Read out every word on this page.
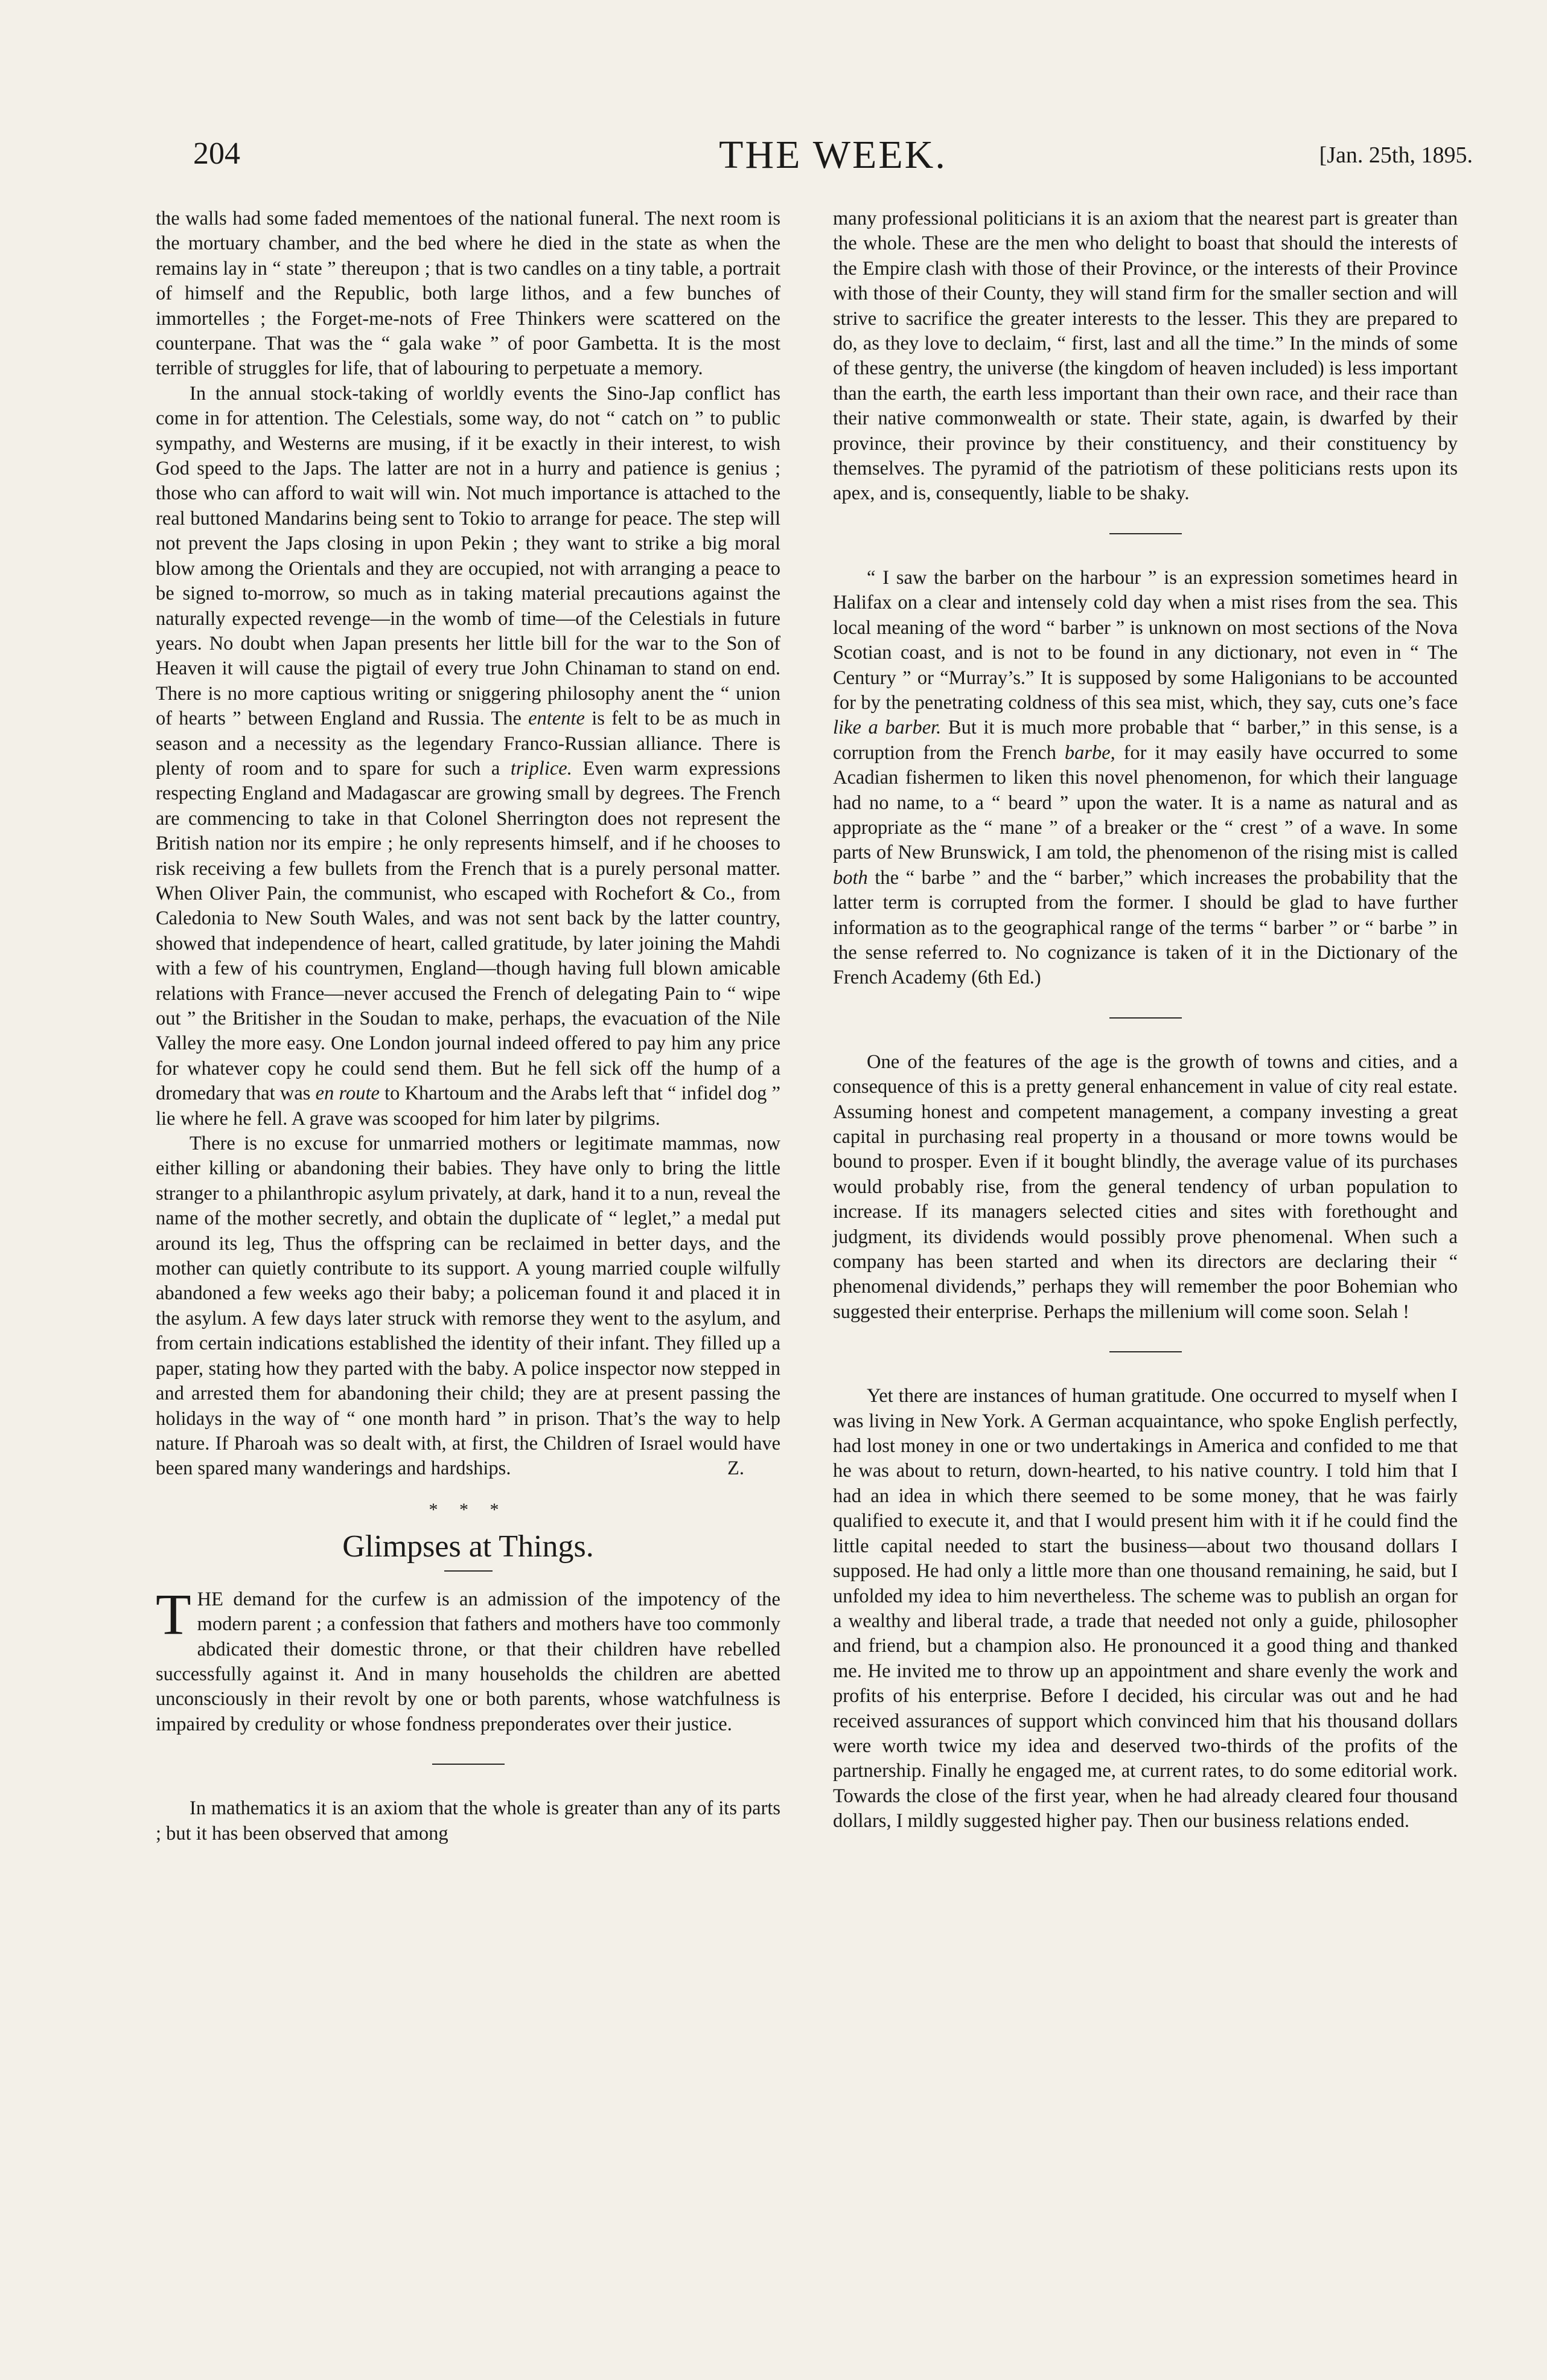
204	THE WEEK.	[Jan. 25th, 1895.

the walls had some faded mementoes of the national funeral. The next room is the mortuary chamber, and the bed where he died in the state as when the remains lay in “ state ” thereupon ; that is two candles on a tiny table, a portrait of himself and the Republic, both large lithos, and a few bunches of immortelles ; the Forget-me-nots of Free Thinkers were scattered on the counterpane. That was the “ gala wake ” of poor Gambetta. It is the most terrible of struggles for life, that of labouring to perpetuate a memory.

In the annual stock-taking of worldly events the Sino-Jap conflict has come in for attention. The Celestials, some way, do not “ catch on ” to public sympathy, and Westerns are musing, if it be exactly in their interest, to wish God speed to the Japs. The latter are not in a hurry and patience is genius ; those who can afford to wait will win. Not much importance is attached to the real buttoned Mandarins being sent to Tokio to arrange for peace. The step will not prevent the Japs closing in upon Pekin ; they want to strike a big moral blow among the Orientals and they are occupied, not with arranging a peace to be signed to-morrow, so much as in taking material precautions against the naturally expected revenge—in the womb of time—of the Celestials in future years. No doubt when Japan presents her little bill for the war to the Son of Heaven it will cause the pigtail of every true John Chinaman to stand on end. There is no more captious writing or sniggering philosophy anent the “ union of hearts ” between England and Russia. The entente is felt to be as much in season and a necessity as the legendary Franco-Russian alliance. There is plenty of room and to spare for such a triplice. Even warm expressions respecting England and Madagascar are growing small by degrees. The French are commencing to take in that Colonel Sherrington does not represent the British nation nor its empire ; he only represents himself, and if he chooses to risk receiving a few bullets from the French that is a purely personal matter. When Oliver Pain, the communist, who escaped with Rochefort & Co., from Caledonia to New South Wales, and was not sent back by the latter country, showed that independence of heart, called gratitude, by later joining the Mahdi with a few of his countrymen, England—though having full blown amicable relations with France—never accused the French of delegating Pain to “ wipe out ” the Britisher in the Soudan to make, perhaps, the evacuation of the Nile Valley the more easy. One London journal indeed offered to pay him any price for whatever copy he could send them. But he fell sick off the hump of a dromedary that was en route to Khartoum and the Arabs left that “ infidel dog ” lie where he fell. A grave was scooped for him later by pilgrims.

There is no excuse for unmarried mothers or legitimate mammas, now either killing or abandoning their babies. They have only to bring the little stranger to a philanthropic asylum privately, at dark, hand it to a nun, reveal the name of the mother secretly, and obtain the duplicate of “ leglet,” a medal put around its leg, Thus the offspring can be reclaimed in better days, and the mother can quietly contribute to its support. A young married couple wilfully abandoned a few weeks ago their baby; a policeman found it and placed it in the asylum. A few days later struck with remorse they went to the asylum, and from certain indications established the identity of their infant. They filled up a paper, stating how they parted with the baby. A police inspector now stepped in and arrested them for abandoning their child; they are at present passing the holidays in the way of “ one month hard ” in prison. That’s the way to help nature. If Pharoah was so dealt with, at first, the Children of Israel would have been spared many wanderings and hardships.	Z.

* * *
Glimpses at Things.

THE demand for the curfew is an admission of the impotency of the modern parent ; a confession that fathers and mothers have too commonly abdicated their domestic throne, or that their children have rebelled successfully against it. And in many households the children are abetted unconsciously in their revolt by one or both parents, whose watchfulness is impaired by credulity or whose fondness preponderates over their justice.

In mathematics it is an axiom that the whole is greater than any of its parts ; but it has been observed that among

many professional politicians it is an axiom that the nearest part is greater than the whole. These are the men who delight to boast that should the interests of the Empire clash with those of their Province, or the interests of their Province with those of their County, they will stand firm for the smaller section and will strive to sacrifice the greater interests to the lesser. This they are prepared to do, as they love to declaim, “ first, last and all the time.” In the minds of some of these gentry, the universe (the kingdom of heaven included) is less important than the earth, the earth less important than their own race, and their race than their native commonwealth or state. Their state, again, is dwarfed by their province, their province by their constituency, and their constituency by themselves. The pyramid of the patriotism of these politicians rests upon its apex, and is, consequently, liable to be shaky.

“ I saw the barber on the harbour ” is an expression sometimes heard in Halifax on a clear and intensely cold day when a mist rises from the sea. This local meaning of the word “ barber ” is unknown on most sections of the Nova Scotian coast, and is not to be found in any dictionary, not even in “ The Century ” or “Murray’s.” It is supposed by some Haligonians to be accounted for by the penetrating coldness of this sea mist, which, they say, cuts one’s face like a barber. But it is much more probable that “ barber,” in this sense, is a corruption from the French barbe, for it may easily have occurred to some Acadian fishermen to liken this novel phenomenon, for which their language had no name, to a “ beard ” upon the water. It is a name as natural and as appropriate as the “ mane ” of a breaker or the “ crest ” of a wave. In some parts of New Brunswick, I am told, the phenomenon of the rising mist is called both the “ barbe ” and the “ barber,” which increases the probability that the latter term is corrupted from the former. I should be glad to have further information as to the geographical range of the terms “ barber ” or “ barbe ” in the sense referred to. No cognizance is taken of it in the Dictionary of the French Academy (6th Ed.)

One of the features of the age is the growth of towns and cities, and a consequence of this is a pretty general enhancement in value of city real estate. Assuming honest and competent management, a company investing a great capital in purchasing real property in a thousand or more towns would be bound to prosper. Even if it bought blindly, the average value of its purchases would probably rise, from the general tendency of urban population to increase. If its managers selected cities and sites with forethought and judgment, its dividends would possibly prove phenomenal. When such a company has been started and when its directors are declaring their “ phenomenal dividends,” perhaps they will remember the poor Bohemian who suggested their enterprise. Perhaps the millenium will come soon. Selah !

Yet there are instances of human gratitude. One occurred to myself when I was living in New York. A German acquaintance, who spoke English perfectly, had lost money in one or two undertakings in America and confided to me that he was about to return, down-hearted, to his native country. I told him that I had an idea in which there seemed to be some money, that he was fairly qualified to execute it, and that I would present him with it if he could find the little capital needed to start the business—about two thousand dollars I supposed. He had only a little more than one thousand remaining, he said, but I unfolded my idea to him nevertheless. The scheme was to publish an organ for a wealthy and liberal trade, a trade that needed not only a guide, philosopher and friend, but a champion also. He pronounced it a good thing and thanked me. He invited me to throw up an appointment and share evenly the work and profits of his enterprise. Before I decided, his circular was out and he had received assurances of support which convinced him that his thousand dollars were worth twice my idea and deserved two-thirds of the profits of the partnership. Finally he engaged me, at current rates, to do some editorial work. Towards the close of the first year, when he had already cleared four thousand dollars, I mildly suggested higher pay. Then our business relations ended.
